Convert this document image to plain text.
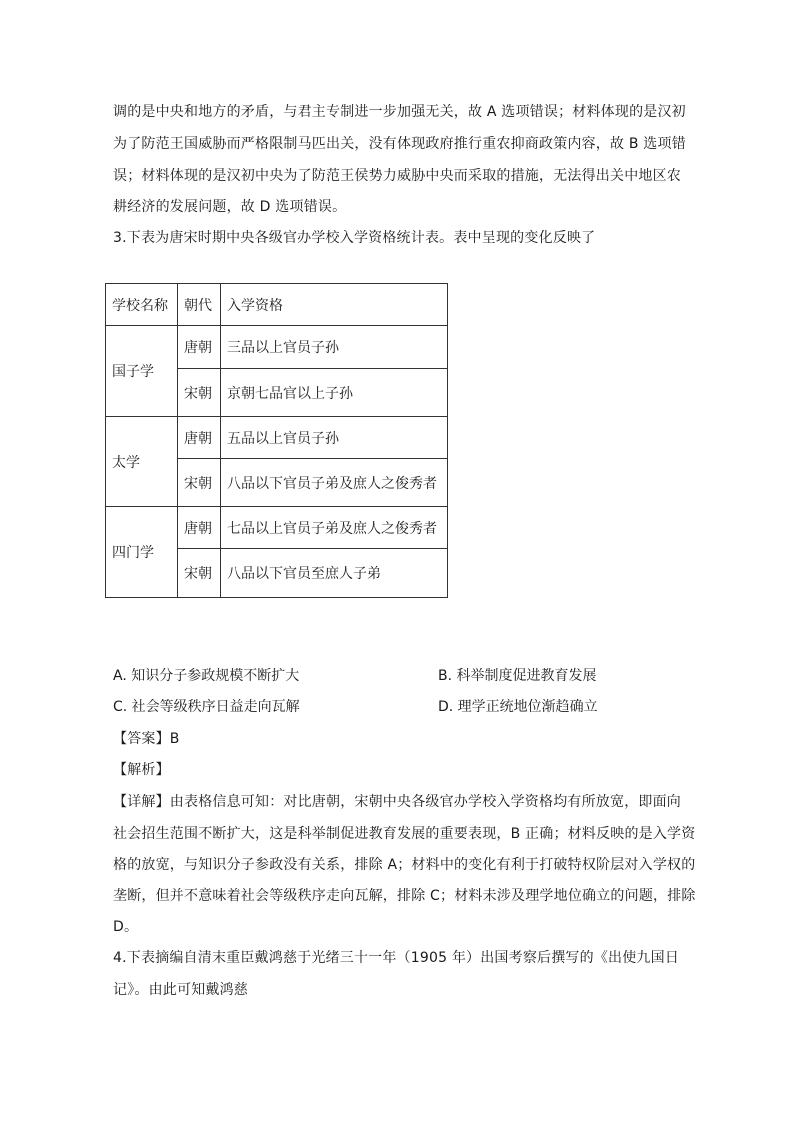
调的是中央和地方的矛盾，与君主专制进一步加强无关，故 A 选项错误；材料体现的是汉初
为了防范王国威胁而严格限制马匹出关，没有体现政府推行重农抑商政策内容，故 B 选项错
误；材料体现的是汉初中央为了防范王侯势力威胁中央而采取的措施，无法得出关中地区农
耕经济的发展问题，故 D 选项错误。
3.下表为唐宋时期中央各级官办学校入学资格统计表。表中呈现的变化反映了
学校名称	朝代	入学资格
国子学	唐朝	三品以上官员子孙
	宋朝	京朝七品官以上子孙
太学	唐朝	五品以上官员子孙
	宋朝	八品以下官员子弟及庶人之俊秀者
四门学	唐朝	七品以上官员子弟及庶人之俊秀者
	宋朝	八品以下官员至庶人子弟
A. 知识分子参政规模不断扩大	B. 科举制度促进教育发展
C. 社会等级秩序日益走向瓦解	D. 理学正统地位渐趋确立
【答案】B
【解析】
【详解】由表格信息可知：对比唐朝，宋朝中央各级官办学校入学资格均有所放宽，即面向
社会招生范围不断扩大，这是科举制促进教育发展的重要表现，B 正确；材料反映的是入学资
格的放宽，与知识分子参政没有关系，排除 A；材料中的变化有利于打破特权阶层对入学权的
垄断，但并不意味着社会等级秩序走向瓦解，排除 C；材料未涉及理学地位确立的问题，排除
D。
4.下表摘编自清末重臣戴鸿慈于光绪三十一年（1905 年）出国考察后撰写的《出使九国日
记》。由此可知戴鸿慈
